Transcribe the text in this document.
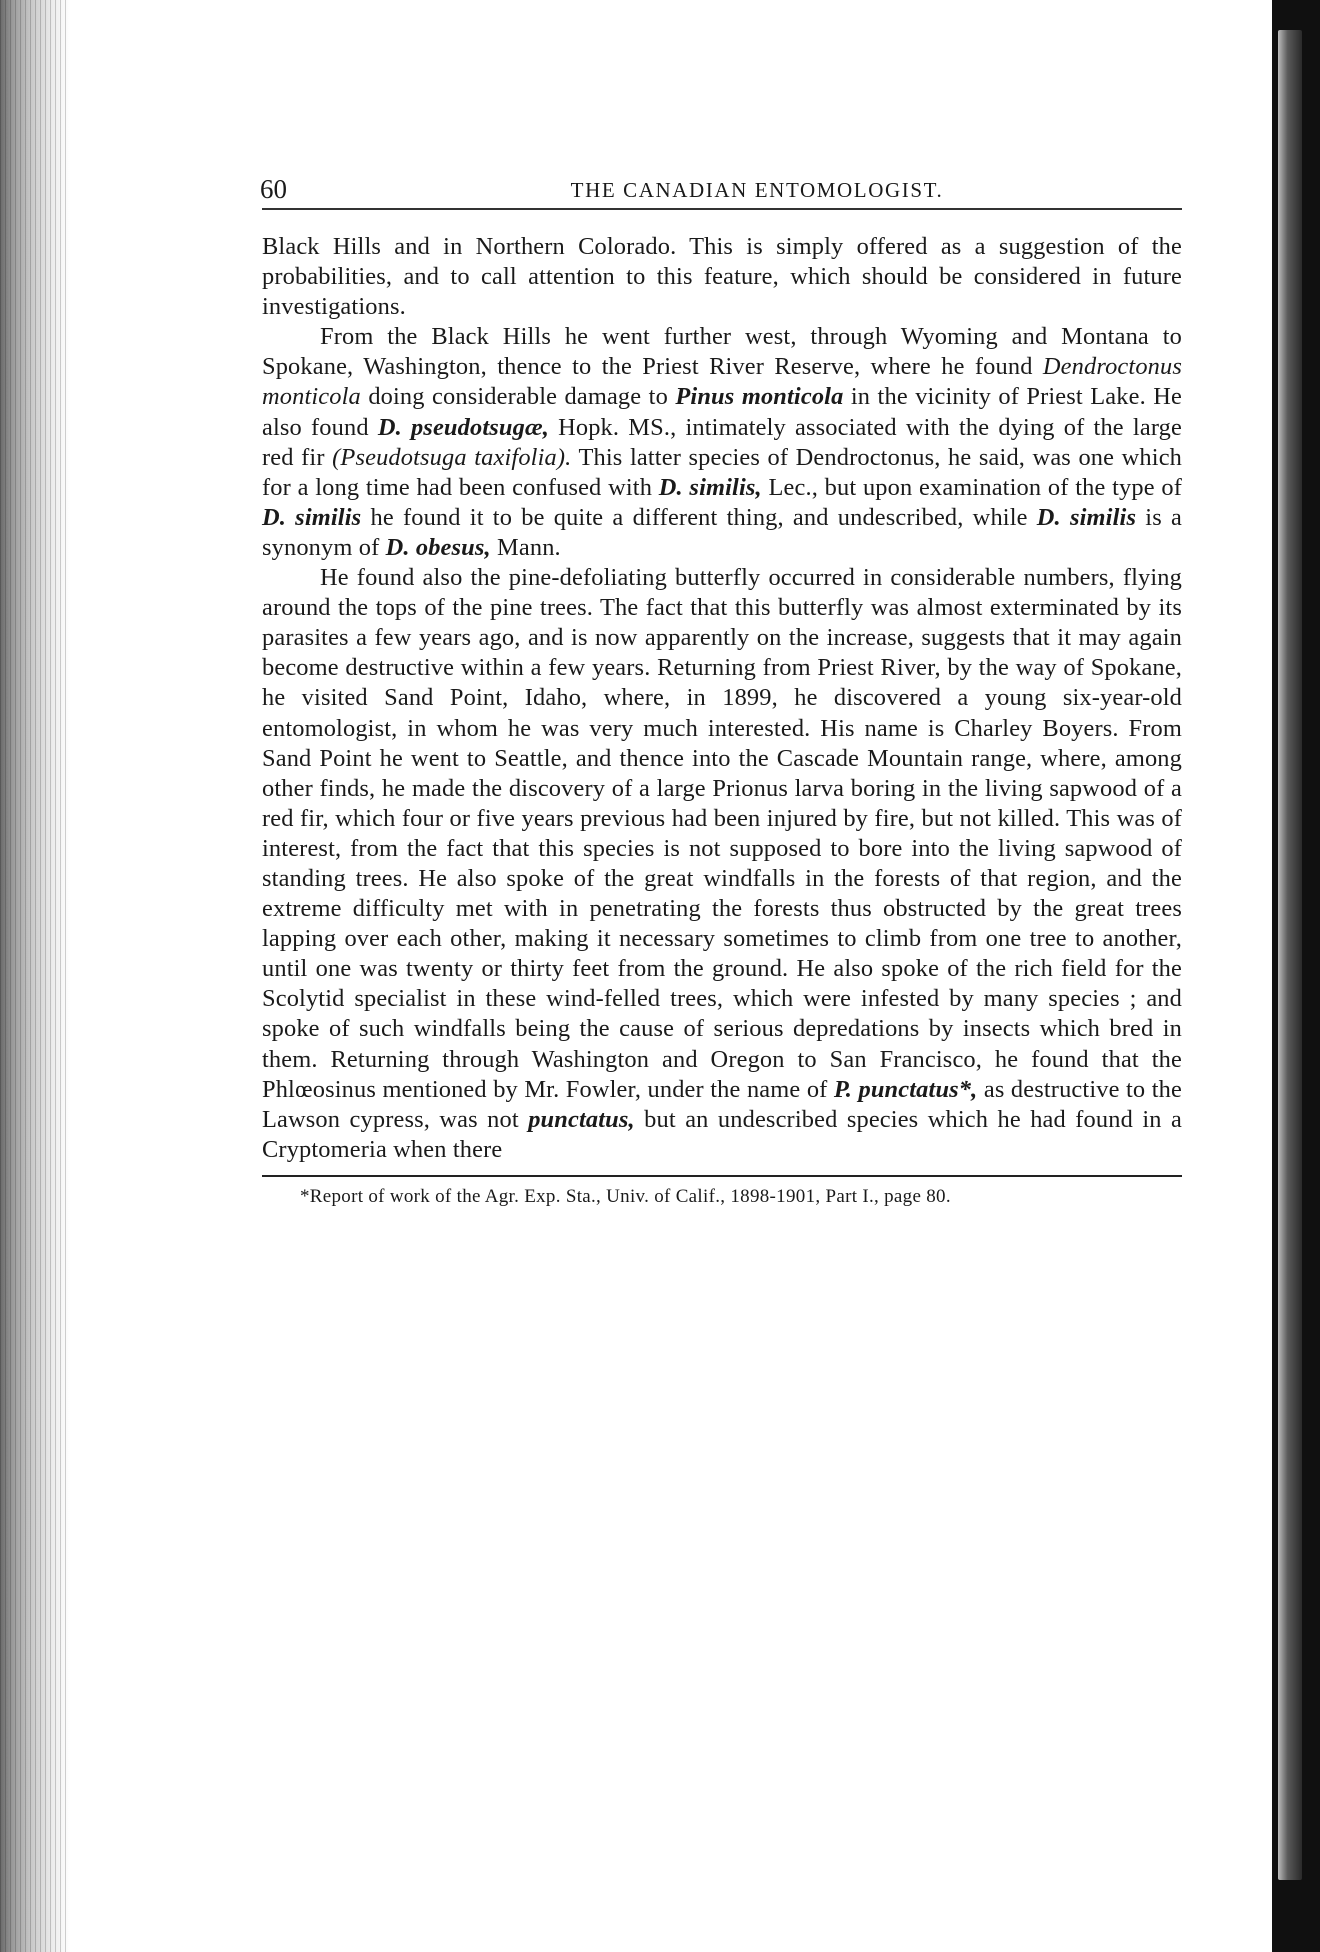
60	THE CANADIAN ENTOMOLOGIST.

Black Hills and in Northern Colorado. This is simply offered as a suggestion of the probabilities, and to call attention to this feature, which should be considered in future investigations.

From the Black Hills he went further west, through Wyoming and Montana to Spokane, Washington, thence to the Priest River Reserve, where he found Dendroctonus monticola doing considerable damage to Pinus monticola in the vicinity of Priest Lake. He also found D. pseudotsugæ, Hopk. MS., intimately associated with the dying of the large red fir (Pseudotsuga taxifolia). This latter species of Dendroctonus, he said, was one which for a long time had been confused with D. similis, Lec., but upon examination of the type of D. similis he found it to be quite a different thing, and undescribed, while D. similis is a synonym of D. obesus, Mann.

He found also the pine-defoliating butterfly occurred in considerable numbers, flying around the tops of the pine trees. The fact that this butterfly was almost exterminated by its parasites a few years ago, and is now apparently on the increase, suggests that it may again become destructive within a few years. Returning from Priest River, by the way of Spokane, he visited Sand Point, Idaho, where, in 1899, he discovered a young six-year-old entomologist, in whom he was very much interested. His name is Charley Boyers. From Sand Point he went to Seattle, and thence into the Cascade Mountain range, where, among other finds, he made the discovery of a large Prionus larva boring in the living sapwood of a red fir, which four or five years previous had been injured by fire, but not killed. This was of interest, from the fact that this species is not supposed to bore into the living sapwood of standing trees. He also spoke of the great windfalls in the forests of that region, and the extreme difficulty met with in penetrating the forests thus obstructed by the great trees lapping over each other, making it necessary sometimes to climb from one tree to another, until one was twenty or thirty feet from the ground. He also spoke of the rich field for the Scolytid specialist in these wind-felled trees, which were infested by many species ; and spoke of such windfalls being the cause of serious depredations by insects which bred in them. Returning through Washington and Oregon to San Francisco, he found that the Phlœosinus mentioned by Mr. Fowler, under the name of P. punctatus*, as destructive to the Lawson cypress, was not punctatus, but an undescribed species which he had found in a Cryptomeria when there

*Report of work of the Agr. Exp. Sta., Univ. of Calif., 1898-1901, Part I., page 80.
